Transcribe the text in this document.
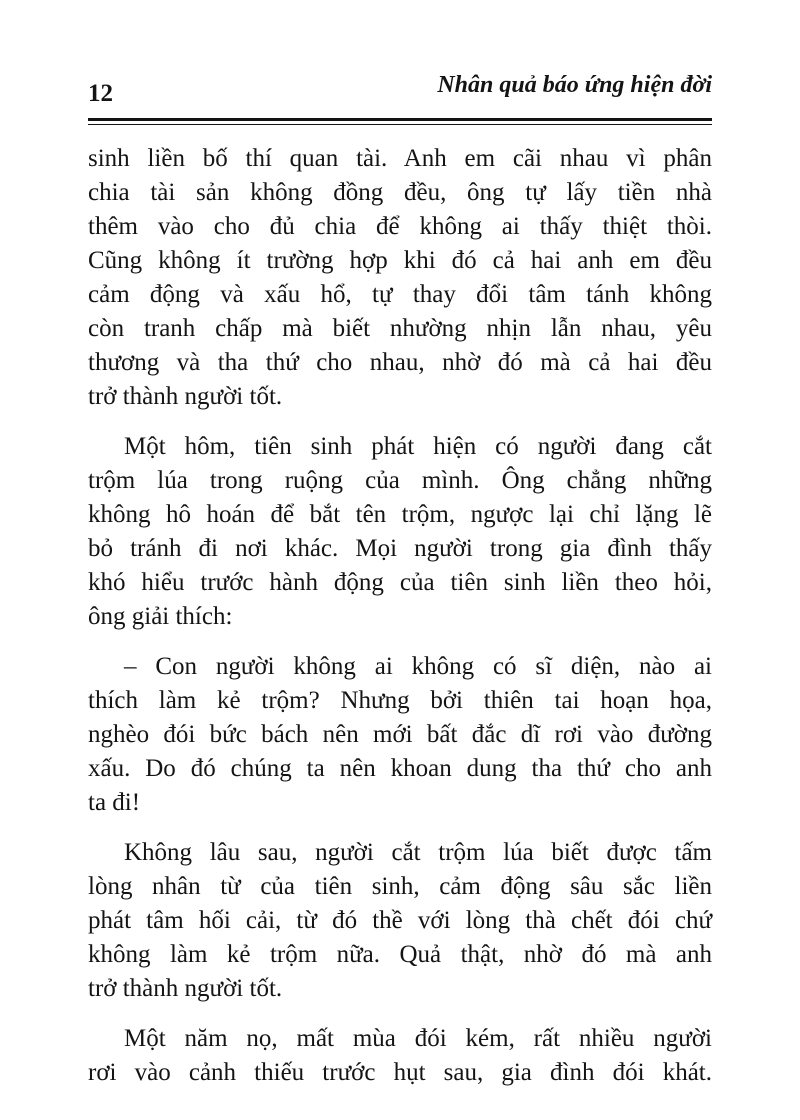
12	Nhân quả báo ứng hiện đời
sinh liền bố thí quan tài. Anh em cãi nhau vì phân
chia tài sản không đồng đều, ông tự lấy tiền nhà
thêm vào cho đủ chia để không ai thấy thiệt thòi.
Cũng không ít trường hợp khi đó cả hai anh em đều
cảm động và xấu hổ, tự thay đổi tâm tánh không
còn tranh chấp mà biết nhường nhịn lẫn nhau, yêu
thương và tha thứ cho nhau, nhờ đó mà cả hai đều
trở thành người tốt.
Một hôm, tiên sinh phát hiện có người đang cắt
trộm lúa trong ruộng của mình. Ông chẳng những
không hô hoán để bắt tên trộm, ngược lại chỉ lặng lẽ
bỏ tránh đi nơi khác. Mọi người trong gia đình thấy
khó hiểu trước hành động của tiên sinh liền theo hỏi,
ông giải thích:
– Con người không ai không có sĩ diện, nào ai
thích làm kẻ trộm? Nhưng bởi thiên tai hoạn họa,
nghèo đói bức bách nên mới bất đắc dĩ rơi vào đường
xấu. Do đó chúng ta nên khoan dung tha thứ cho anh
ta đi!
Không lâu sau, người cắt trộm lúa biết được tấm
lòng nhân từ của tiên sinh, cảm động sâu sắc liền
phát tâm hối cải, từ đó thề với lòng thà chết đói chứ
không làm kẻ trộm nữa. Quả thật, nhờ đó mà anh
trở thành người tốt.
Một năm nọ, mất mùa đói kém, rất nhiều người
rơi vào cảnh thiếu trước hụt sau, gia đình đói khát.
